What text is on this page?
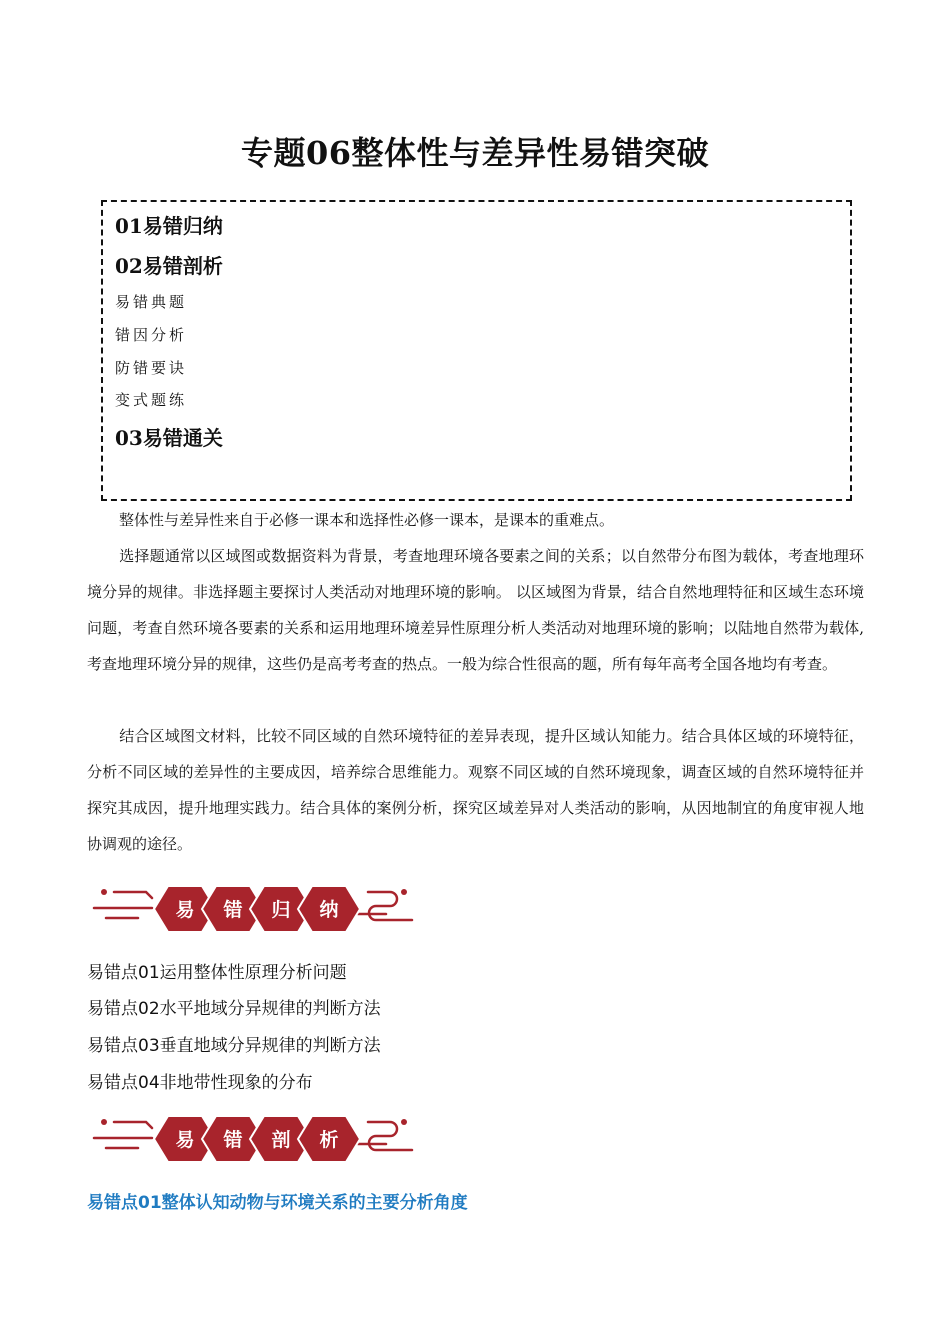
专题06整体性与差异性易错突破
01易错归纳
02易错剖析
易错典题
错因分析
防错要诀
变式题练
03易错通关
整体性与差异性来自于必修一课本和选择性必修一课本，是课本的重难点。
选择题通常以区域图或数据资料为背景，考查地理环境各要素之间的关系；以自然带分布图为载体，考查地理环境分异的规律。非选择题主要探讨人类活动对地理环境的影响。 以区域图为背景，结合自然地理特征和区域生态环境问题，考查自然环境各要素的关系和运用地理环境差异性原理分析人类活动对地理环境的影响；以陆地自然带为载体,考查地理环境分异的规律，这些仍是高考考查的热点。一般为综合性很高的题，所有每年高考全国各地均有考查。
结合区域图文材料，比较不同区域的自然环境特征的差异表现，提升区域认知能力。结合具体区域的环境特征，分析不同区域的差异性的主要成因，培养综合思维能力。观察不同区域的自然环境现象，调查区域的自然环境特征并探究其成因，提升地理实践力。结合具体的案例分析，探究区域差异对人类活动的影响，从因地制宜的角度审视人地协调观的途径。
易 错 归 纳
易错点01运用整体性原理分析问题
易错点02水平地域分异规律的判断方法
易错点03垂直地域分异规律的判断方法
易错点04非地带性现象的分布
易 错 剖 析
易错点01整体认知动物与环境关系的主要分析角度
